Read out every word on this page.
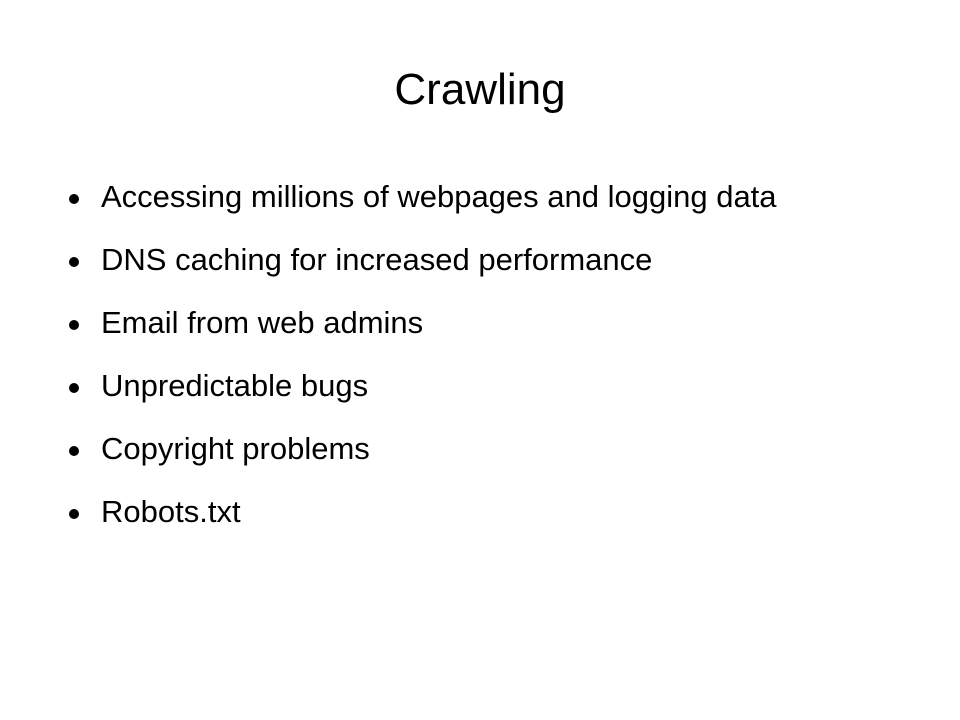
Crawling
Accessing millions of webpages and logging data
DNS caching for increased performance
Email from web admins
Unpredictable bugs
Copyright problems
Robots.txt
